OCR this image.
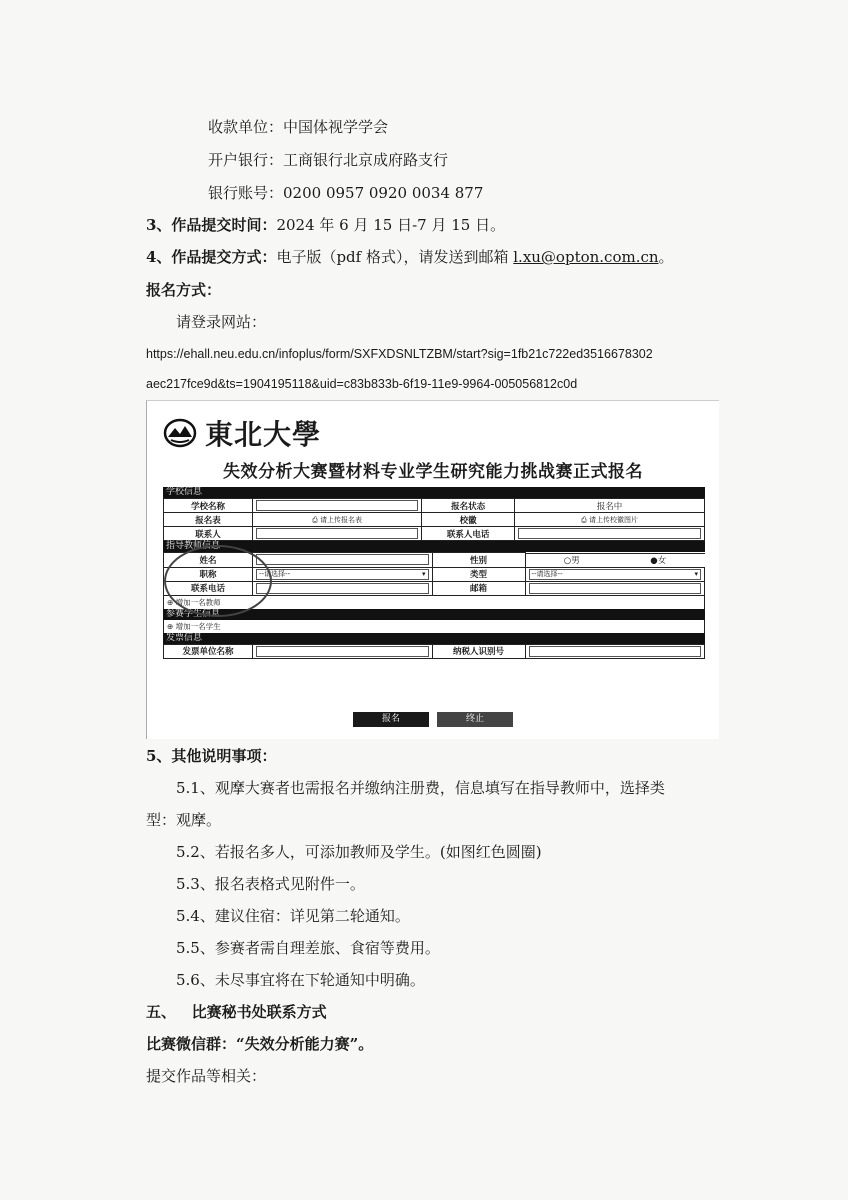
收款单位：中国体视学学会
开户银行：工商银行北京成府路支行
银行账号：0200 0957 0920 0034 877
3、作品提交时间：2024 年 6 月 15 日-7 月 15 日。
4、作品提交方式：电子版（pdf 格式），请发送到邮箱 l.xu@opton.com.cn。
报名方式：
请登录网站：
https://ehall.neu.edu.cn/infoplus/form/SXFXDSNLTZBM/start?sig=1fb21c722ed3516678302
aec217fce9d&ts=1904195118&uid=c83b833b-6f19-11e9-9964-005056812c0d
東北大學
失效分析大赛暨材料专业学生研究能力挑战赛正式报名
学校信息
学校名称		报名状态	报名中
报名表	⎙ 请上传报名表	校徽	⎙ 请上传校徽图片
联系人		联系人电话	
指导教师信息
姓名		性别		○男	●女

职称	--请选择-- ▾	类型	--请选择-- ▾

联系电话		邮箱	
⊕ 增加一名教师
参赛学生信息
⊕ 增加一名学生
发票信息
发票单位名称		纳税人识别号	
报名	终止
5、其他说明事项：
5.1、观摩大赛者也需报名并缴纳注册费，信息填写在指导教师中，选择类
型：观摩。
5.2、若报名多人，可添加教师及学生。(如图红色圆圈)
5.3、报名表格式见附件一。
5.4、建议住宿：详见第二轮通知。
5.5、参赛者需自理差旅、食宿等费用。
5.6、未尽事宜将在下轮通知中明确。
五、   比赛秘书处联系方式
比赛微信群：“失效分析能力赛”。
提交作品等相关：
